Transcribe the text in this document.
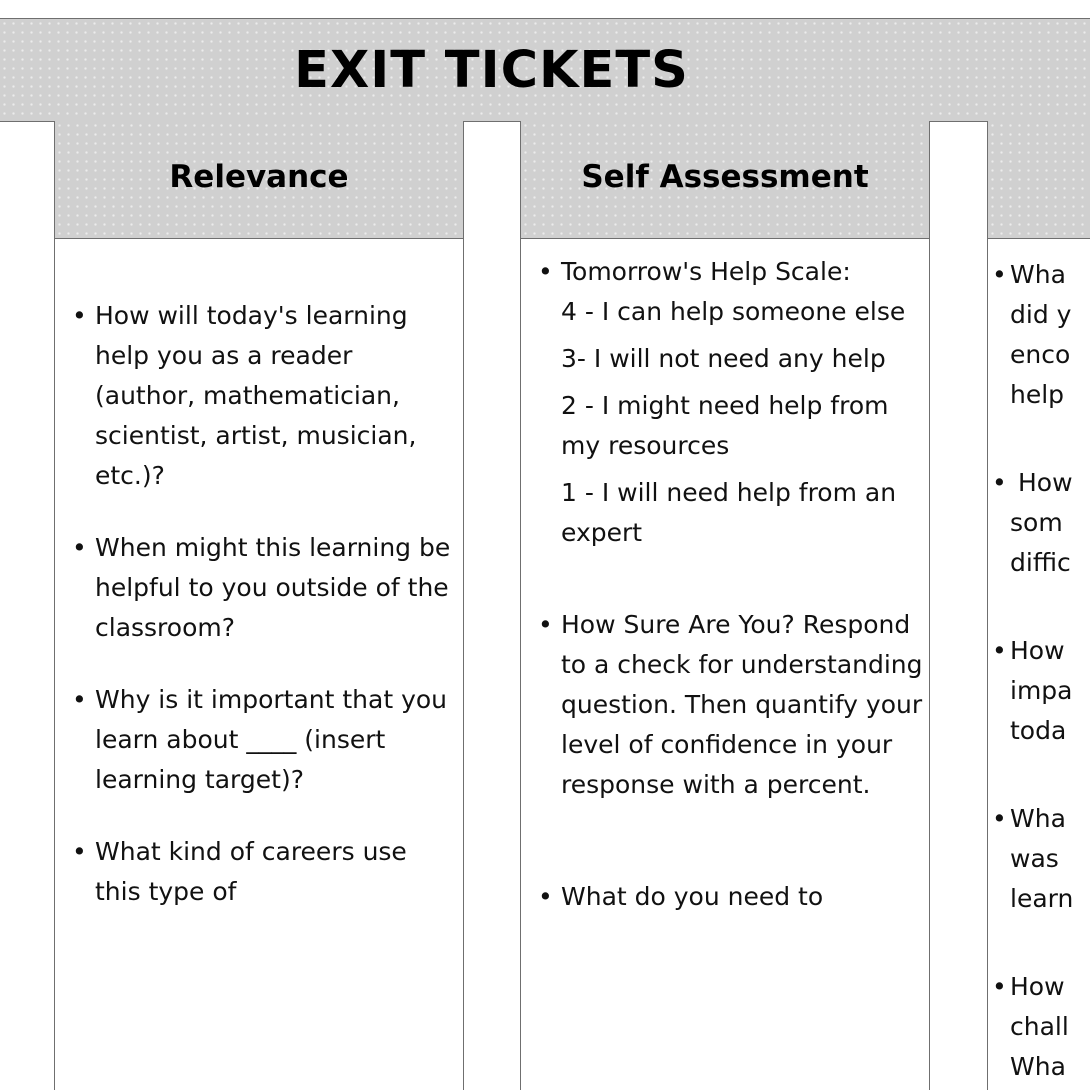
EXIT TICKETS
Relevance
• How will today's learning help you as a reader (author, mathematician, scientist, artist, musician, etc.)?
• When might this learning be helpful to you outside of the classroom?
• Why is it important that you learn about ____ (insert learning target)?
• What kind of careers use this type of
Self Assessment
• Tomorrow's Help Scale:
4 - I can help someone else
3- I will not need any help
2 - I might need help from my resources
1 - I will need help from an expert
• How Sure Are You? Respond to a check for understanding question. Then quantify your level of confidence in your response with a percent.
• What do you need to
• Wha
did y
enco
help
• How
som
diffic
• How
impa
toda
• Wha
was
learn
• How
chall
Wha
